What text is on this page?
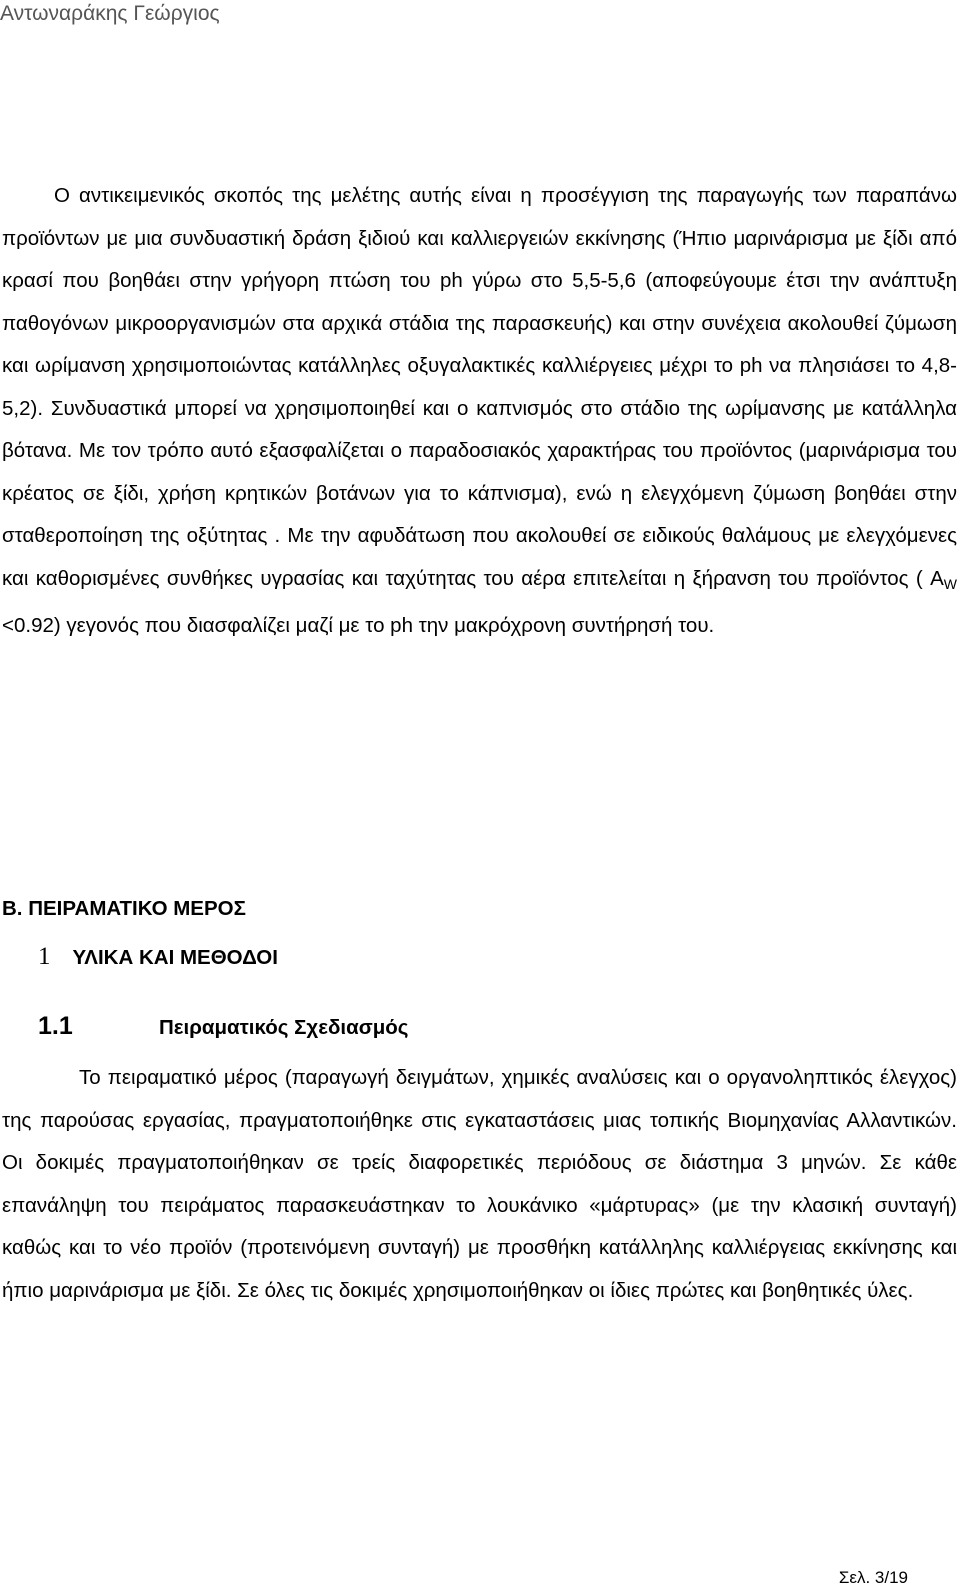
Αντωναράκης Γεώργιος

Ο αντικειμενικός σκοπός της μελέτης αυτής είναι η προσέγγιση της παραγωγής των παραπάνω προϊόντων με μια συνδυαστική δράση ξιδιού και καλλιεργειών εκκίνησης (Ήπιο μαρινάρισμα με ξίδι από κρασί που βοηθάει στην γρήγορη πτώση του ph γύρω στο 5,5-5,6 (αποφεύγουμε έτσι την ανάπτυξη παθογόνων μικροοργανισμών στα αρχικά στάδια της παρασκευής) και στην συνέχεια ακολουθεί ζύμωση και ωρίμανση χρησιμοποιώντας κατάλληλες οξυγαλακτικές καλλιέργειες μέχρι το ph να πλησιάσει το 4,8-5,2). Συνδυαστικά μπορεί να χρησιμοποιηθεί και ο καπνισμός στο στάδιο της ωρίμανσης με κατάλληλα βότανα. Με τον τρόπο αυτό εξασφαλίζεται ο παραδοσιακός χαρακτήρας του προϊόντος (μαρινάρισμα του κρέατος σε ξίδι, χρήση κρητικών βοτάνων για το κάπνισμα), ενώ η ελεγχόμενη ζύμωση βοηθάει στην σταθεροποίηση της οξύτητας . Με την αφυδάτωση που ακολουθεί σε ειδικούς θαλάμους με ελεγχόμενες και καθορισμένες συνθήκες υγρασίας και ταχύτητας του αέρα επιτελείται η ξήρανση του προϊόντος ( $A_W <0.92$) γεγονός που διασφαλίζει μαζί με το ph την μακρόχρονη συντήρησή του.

Β. ΠΕΙΡΑΜΑΤΙΚΟ ΜΕΡΟΣ
1 ΥΛΙΚΑ ΚΑΙ ΜΕΘΟΔΟΙ
1.1	Πειραματικός Σχεδιασμός

Το πειραματικό μέρος (παραγωγή δειγμάτων, χημικές αναλύσεις και ο οργανοληπτικός έλεγχος) της παρούσας εργασίας, πραγματοποιήθηκε στις εγκαταστάσεις μιας τοπικής Βιομηχανίας Αλλαντικών. Οι δοκιμές πραγματοποιήθηκαν σε τρείς διαφορετικές περιόδους σε διάστημα 3 μηνών. Σε κάθε επανάληψη του πειράματος παρασκευάστηκαν το λουκάνικο «μάρτυρας» (με την κλασική συνταγή) καθώς και το νέο προϊόν (προτεινόμενη συνταγή) με προσθήκη κατάλληλης καλλιέργειας εκκίνησης και ήπιο μαρινάρισμα με ξίδι. Σε όλες τις δοκιμές χρησιμοποιήθηκαν οι ίδιες πρώτες και βοηθητικές ύλες.

Σελ. 3/19
